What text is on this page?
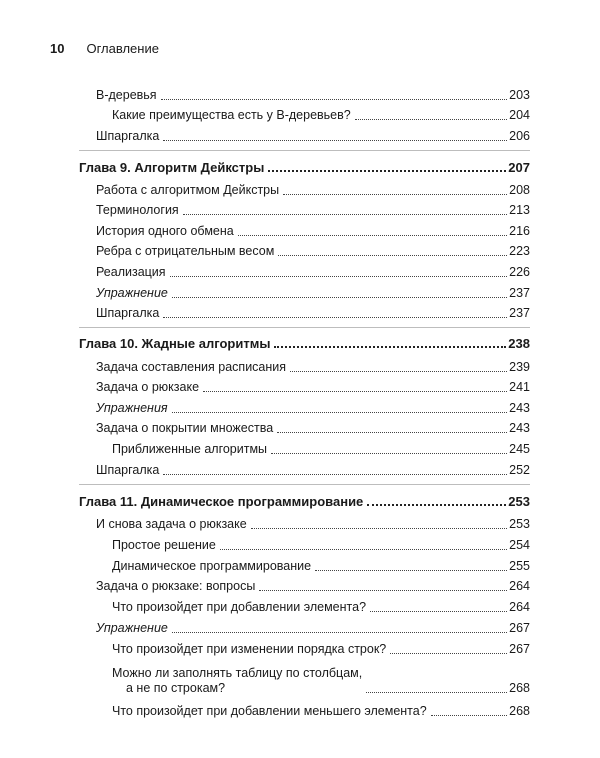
10 Оглавление
B-деревья	203
Какие преимущества есть у B-деревьев?	204
Шпаргалка	206
Глава 9. Алгоритм Дейкстры	207
Работа с алгоритмом Дейкстры	208
Терминология	213
История одного обмена	216
Ребра с отрицательным весом	223
Реализация	226
Упражнение	237
Шпаргалка	237
Глава 10. Жадные алгоритмы	238
Задача составления расписания	239
Задача о рюкзаке	241
Упражнения	243
Задача о покрытии множества	243
Приближенные алгоритмы	245
Шпаргалка	252
Глава 11. Динамическое программирование	253
И снова задача о рюкзаке	253
Простое решение	254
Динамическое программирование	255
Задача о рюкзаке: вопросы	264
Что произойдет при добавлении элемента?	264
Упражнение	267
Что произойдет при изменении порядка строк?	267
Можно ли заполнять таблицу по столбцам,
а не по строкам?	268
Что произойдет при добавлении меньшего элемента?	268
